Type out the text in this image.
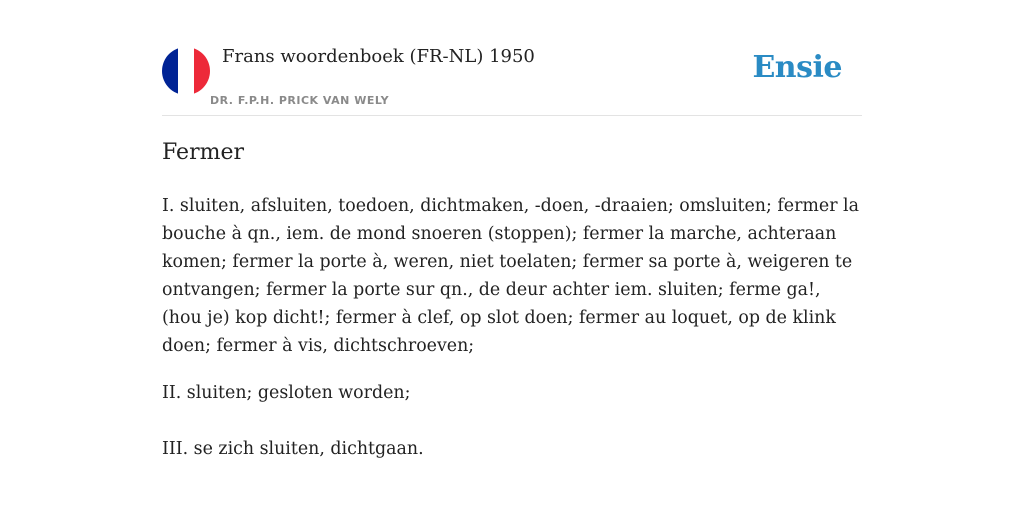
Frans woordenboek (FR-NL) 1950
DR. F.P.H. PRICK VAN WELY
Ensie
Fermer

I. sluiten, afsluiten, toedoen, dichtmaken, -doen, -draaien; omsluiten; fermer la bouche à qn., iem. de mond snoeren (stoppen); fermer la marche, achteraan komen; fermer la porte à, weren, niet toelaten; fermer sa porte à, weigeren te ontvangen; fermer la porte sur qn., de deur achter iem. sluiten; ferme ga!, (hou je) kop dicht!; fermer à clef, op slot doen; fermer au loquet, op de klink doen; fermer à vis, dichtschroeven;

II. sluiten; gesloten worden;

III. se zich sluiten, dichtgaan.
